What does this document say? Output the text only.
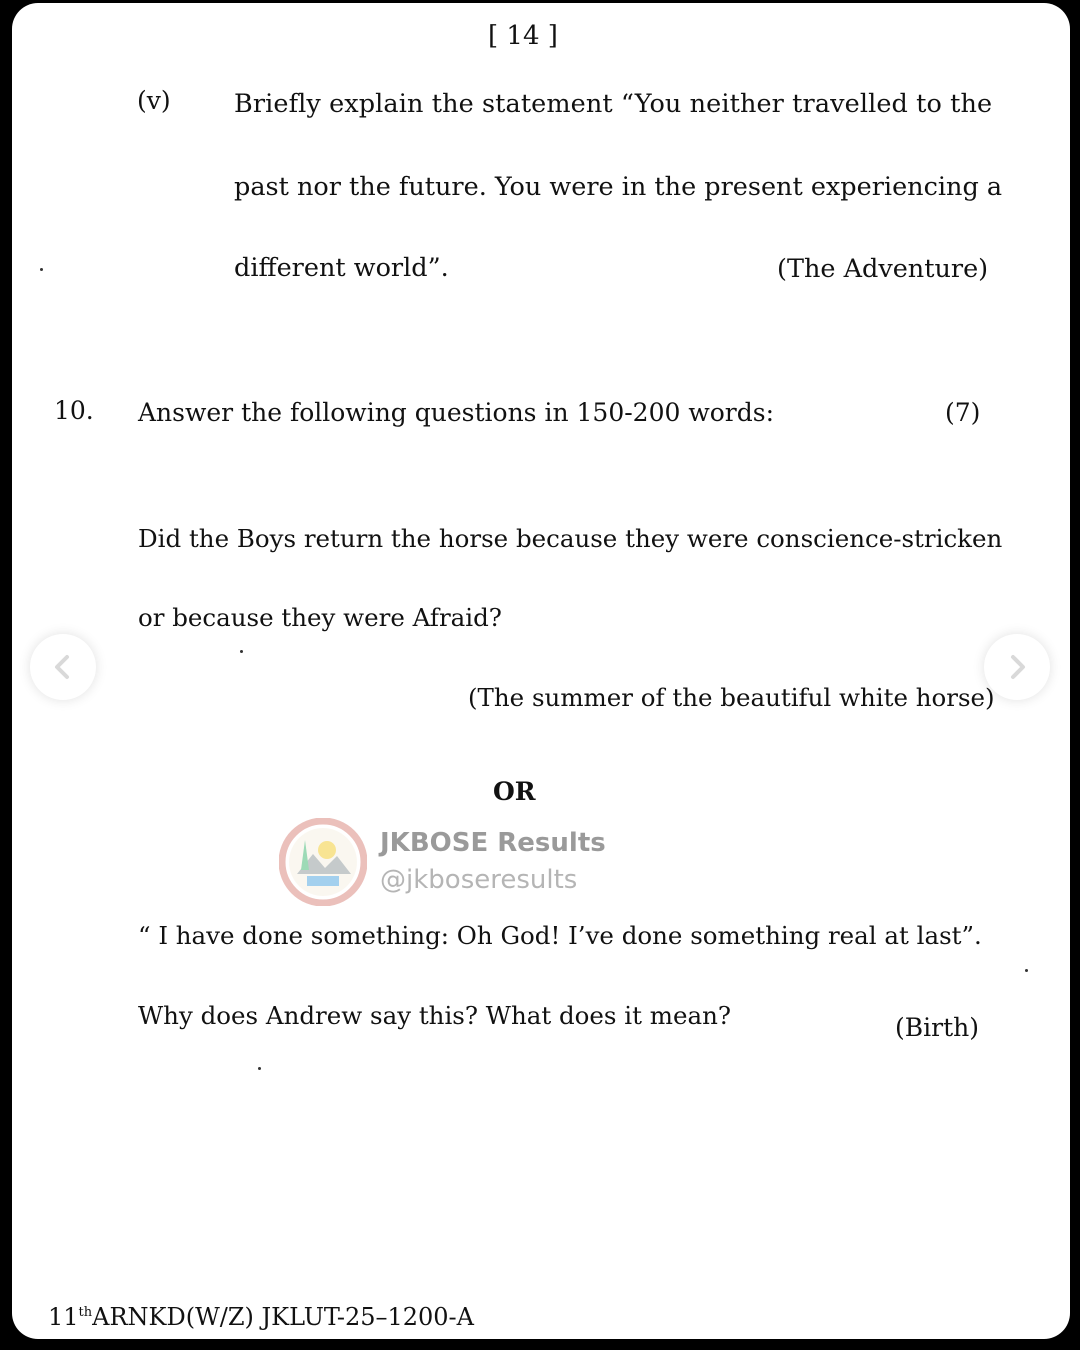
[ 14 ]
(v) Briefly explain the statement “You neither travelled to the
past nor the future. You were in the present experiencing a
different world”.	(The Adventure)
10. Answer the following questions in 150-200 words:	(7)
Did the Boys return the horse because they were conscience-stricken
or because they were Afraid?
(The summer of the beautiful white horse)
OR
JKBOSE Results
@jkboseresults
“ I have done something: Oh God! I’ve done something real at last”.
Why does Andrew say this? What does it mean?	(Birth)
11thARNKD(W/Z) JKLUT-25–1200-A
